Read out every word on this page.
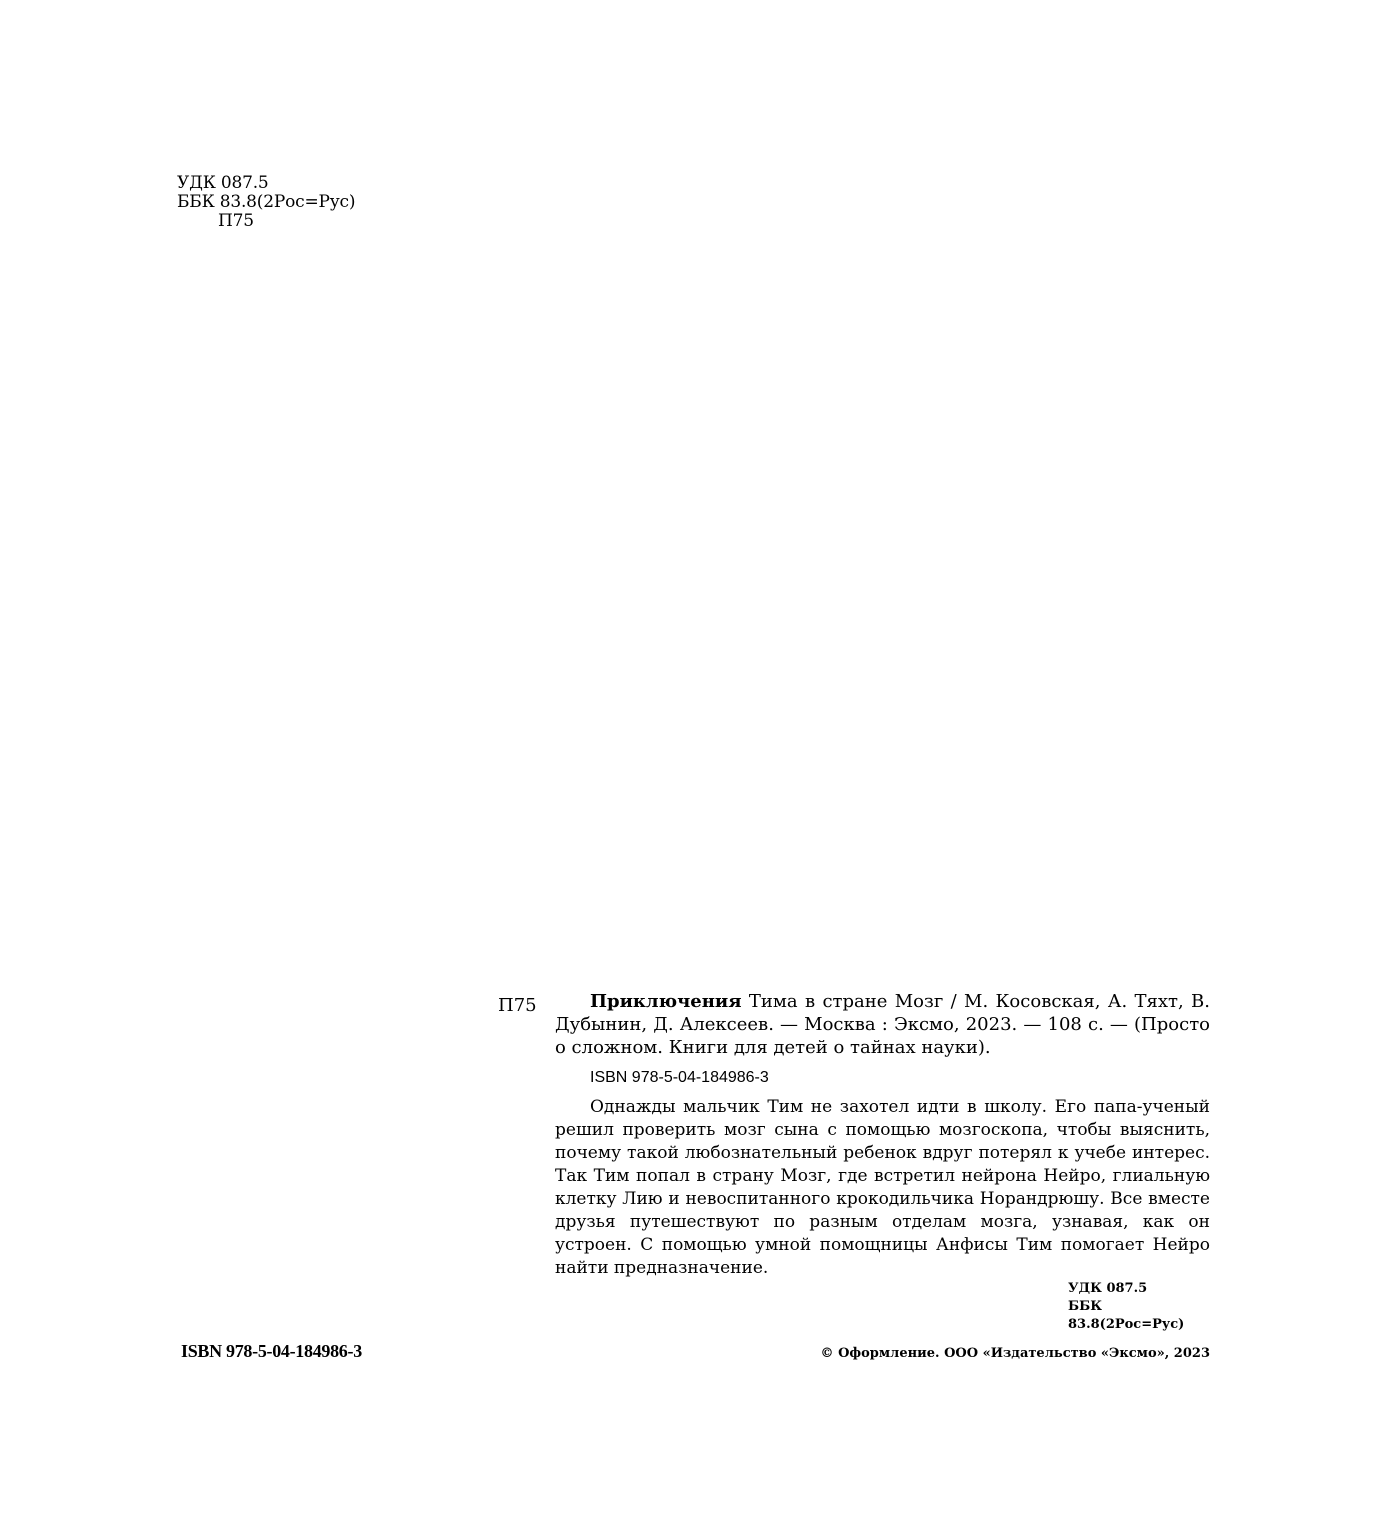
УДК 087.5
ББК 83.8(2Рос=Рус)
П75
П75	Приключения Тима в стране Мозг / М. Косовская, А. Тяхт, В. Дубынин, Д. Алексеев. — Москва : Эксмо, 2023. — 108 с. — (Просто о сложном. Книги для детей о тайнах науки).

ISBN 978-5-04-184986-3

Однажды мальчик Тим не захотел идти в школу. Его папа-ученый решил проверить мозг сына с помощью мозгоскопа, чтобы выяснить, почему такой любознательный ребенок вдруг потерял к учебе интерес. Так Тим попал в страну Мозг, где встретил нейрона Нейро, глиальную клетку Лию и невоспитанного крокодильчика Норандрюшу. Все вместе друзья путешествуют по разным отделам мозга, узнавая, как он устроен. С помощью умной помощницы Анфисы Тим помогает Нейро найти предназначение.

УДК 087.5
ББК 83.8(2Рос=Рус)
ISBN 978-5-04-184986-3	© Оформление. ООО «Издательство «Эксмо», 2023
